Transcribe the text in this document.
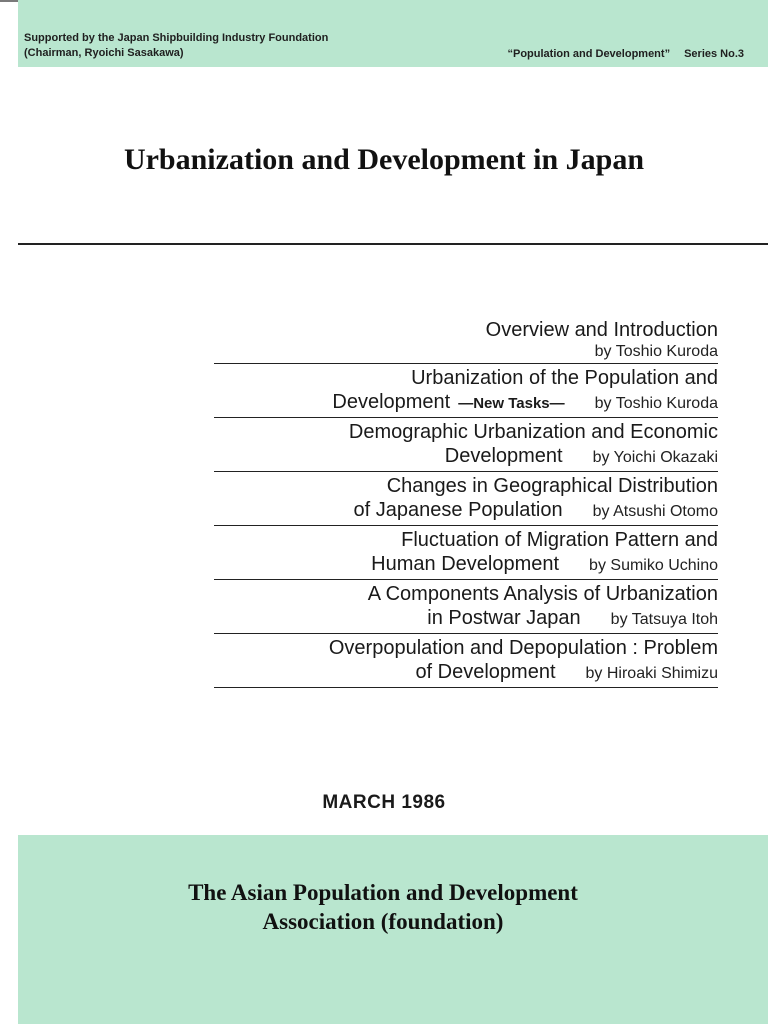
Supported by the Japan Shipbuilding Industry Foundation
(Chairman, Ryoichi Sasakawa)	“Population and Development” Series No.3
Urbanization and Development in Japan
Overview and Introduction
by Toshio Kuroda
Urbanization of the Population and
Development —New Tasks— by Toshio Kuroda
Demographic Urbanization and Economic
Development by Yoichi Okazaki
Changes in Geographical Distribution
of Japanese Population by Atsushi Otomo
Fluctuation of Migration Pattern and
Human Development by Sumiko Uchino
A Components Analysis of Urbanization
in Postwar Japan by Tatsuya Itoh
Overpopulation and Depopulation : Problem
of Development by Hiroaki Shimizu
MARCH 1986
The Asian Population and Development
Association (foundation)
